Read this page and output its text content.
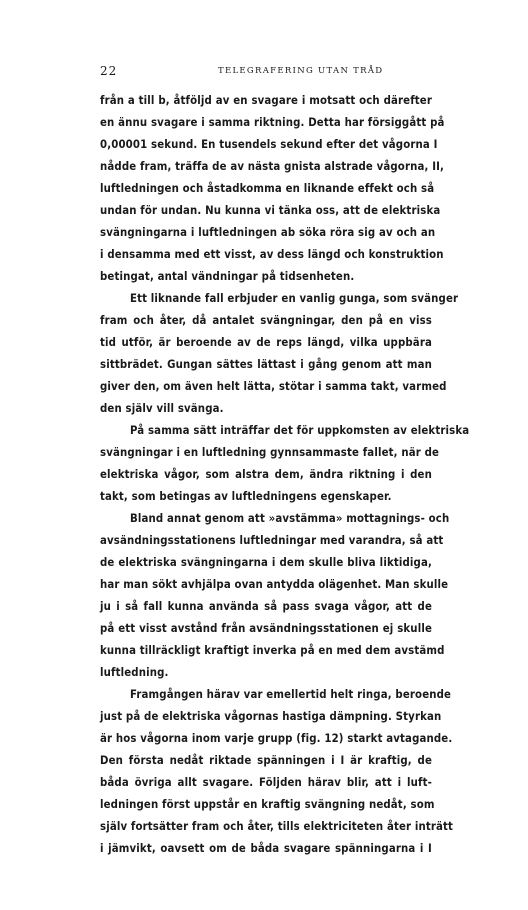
22	TELEGRAFERING UTAN TRÅD
från a till b, åtföljd av en svagare i motsatt och därefter
en ännu svagare i samma riktning. Detta har försiggått på
0,00001 sekund. En tusendels sekund efter det vågorna I
nådde fram, träffa de av nästa gnista alstrade vågorna, II,
luftledningen och åstadkomma en liknande effekt och så
undan för undan. Nu kunna vi tänka oss, att de elektriska
svängningarna i luftledningen ab söka röra sig av och an
i densamma med ett visst, av dess längd och konstruktion
betingat, antal vändningar på tidsenheten.
Ett liknande fall erbjuder en vanlig gunga, som svänger
fram och åter, då antalet svängningar, den på en viss
tid utför, är beroende av de reps längd, vilka uppbära
sittbrädet. Gungan sättes lättast i gång genom att man
giver den, om även helt lätta, stötar i samma takt, varmed
den själv vill svänga.
På samma sätt inträffar det för uppkomsten av elektriska
svängningar i en luftledning gynnsammaste fallet, när de
elektriska vågor, som alstra dem, ändra riktning i den
takt, som betingas av luftledningens egenskaper.
Bland annat genom att »avstämma» mottagnings- och
avsändningsstationens luftledningar med varandra, så att
de elektriska svängningarna i dem skulle bliva liktidiga,
har man sökt avhjälpa ovan antydda olägenhet. Man skulle
ju i så fall kunna använda så pass svaga vågor, att de
på ett visst avstånd från avsändningsstationen ej skulle
kunna tillräckligt kraftigt inverka på en med dem avstämd
luftledning.
Framgången härav var emellertid helt ringa, beroende
just på de elektriska vågornas hastiga dämpning. Styrkan
är hos vågorna inom varje grupp (fig. 12) starkt avtagande.
Den första nedåt riktade spänningen i I är kraftig, de
båda övriga allt svagare. Följden härav blir, att i luft-
ledningen först uppstår en kraftig svängning nedåt, som
själv fortsätter fram och åter, tills elektriciteten åter inträtt
i jämvikt, oavsett om de båda svagare spänningarna i I
